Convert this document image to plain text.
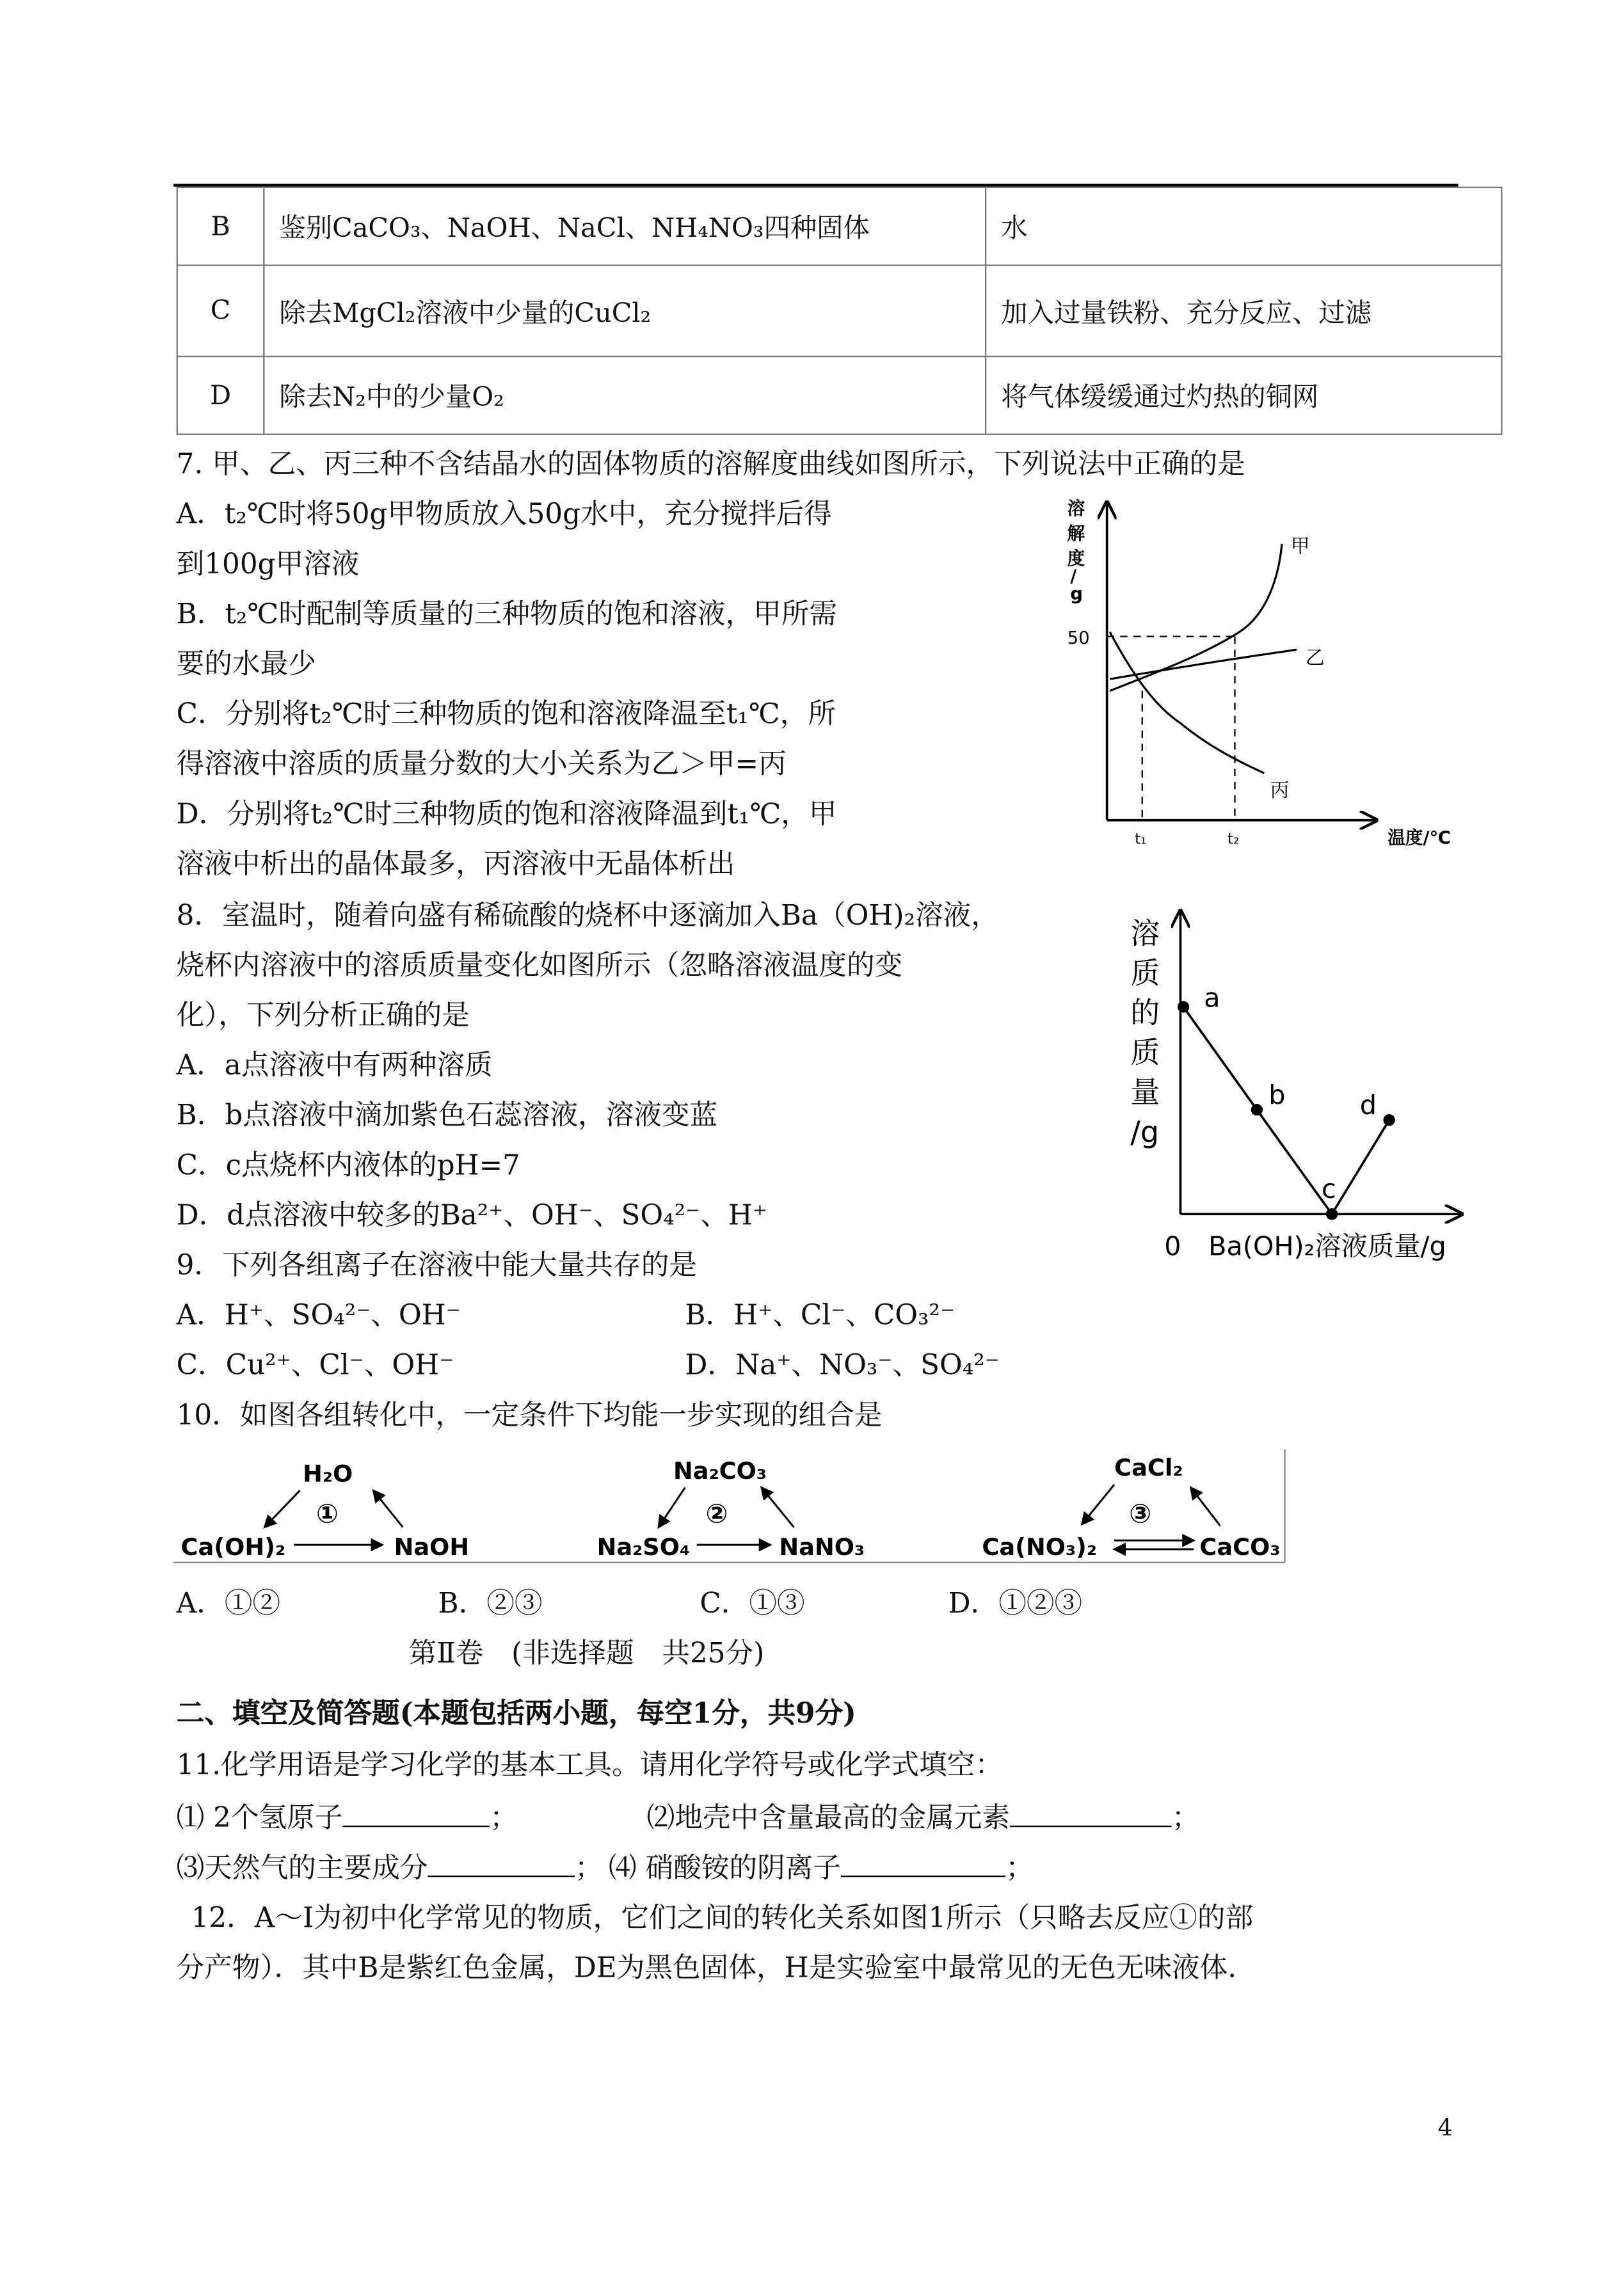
B	鉴别CaCO₃、NaOH、NaCl、NH₄NO₃四种固体	水
C	除去MgCl₂溶液中少量的CuCl₂	加入过量铁粉、充分反应、过滤
D	除去N₂中的少量O₂	将气体缓缓通过灼热的铜网
7. 甲、乙、丙三种不含结晶水的固体物质的溶解度曲线如图所示，下列说法中正确的是
A．t₂℃时将50g甲物质放入50g水中，充分搅拌后得
到100g甲溶液
B．t₂℃时配制等质量的三种物质的饱和溶液，甲所需
要的水最少
C．分别将t₂℃时三种物质的饱和溶液降温至t₁℃，所
得溶液中溶质的质量分数的大小关系为乙＞甲=丙
D．分别将t₂℃时三种物质的饱和溶液降温到t₁℃，甲
溶液中析出的晶体最多，丙溶液中无晶体析出
溶
解
度
/
g
50
甲
乙
丙
t₁	t₂	温度/℃
8．室温时，随着向盛有稀硫酸的烧杯中逐滴加入Ba（OH)₂溶液，
烧杯内溶液中的溶质质量变化如图所示（忽略溶液温度的变
化），下列分析正确的是
A．a点溶液中有两种溶质
B．b点溶液中滴加紫色石蕊溶液，溶液变蓝
C．c点烧杯内液体的pH=7
D．d点溶液中较多的Ba²⁺、OH⁻、SO₄²⁻、H⁺
溶
质
的
质
量
/g
a
b
c
d
0 Ba(OH)₂溶液质量/g
9．下列各组离子在溶液中能大量共存的是
A．H⁺、SO₄²⁻、OH⁻	B．H⁺、Cl⁻、CO₃²⁻
C．Cu²⁺、Cl⁻、OH⁻	D．Na⁺、NO₃⁻、SO₄²⁻
10．如图各组转化中，一定条件下均能一步实现的组合是
H₂O
①
Ca(OH)₂	NaOH
Na₂CO₃
②
Na₂SO₄	NaNO₃
CaCl₂
③
Ca(NO₃)₂	CaCO₃
A．①②	B．②③	C．①③	D．①②③
第Ⅱ卷　(非选择题　共25分)
二、填空及简答题(本题包括两小题，每空1分，共9分)
11.化学用语是学习化学的基本工具。请用化学符号或化学式填空：
⑴ 2个氢原子	；	⑵地壳中含量最高的金属元素	；
⑶天然气的主要成分	； ⑷ 硝酸铵的阴离子	；
12．A～I为初中化学常见的物质，它们之间的转化关系如图1所示（只略去反应①的部
分产物）．其中B是紫红色金属，DE为黑色固体，H是实验室中最常见的无色无味液体.
4
